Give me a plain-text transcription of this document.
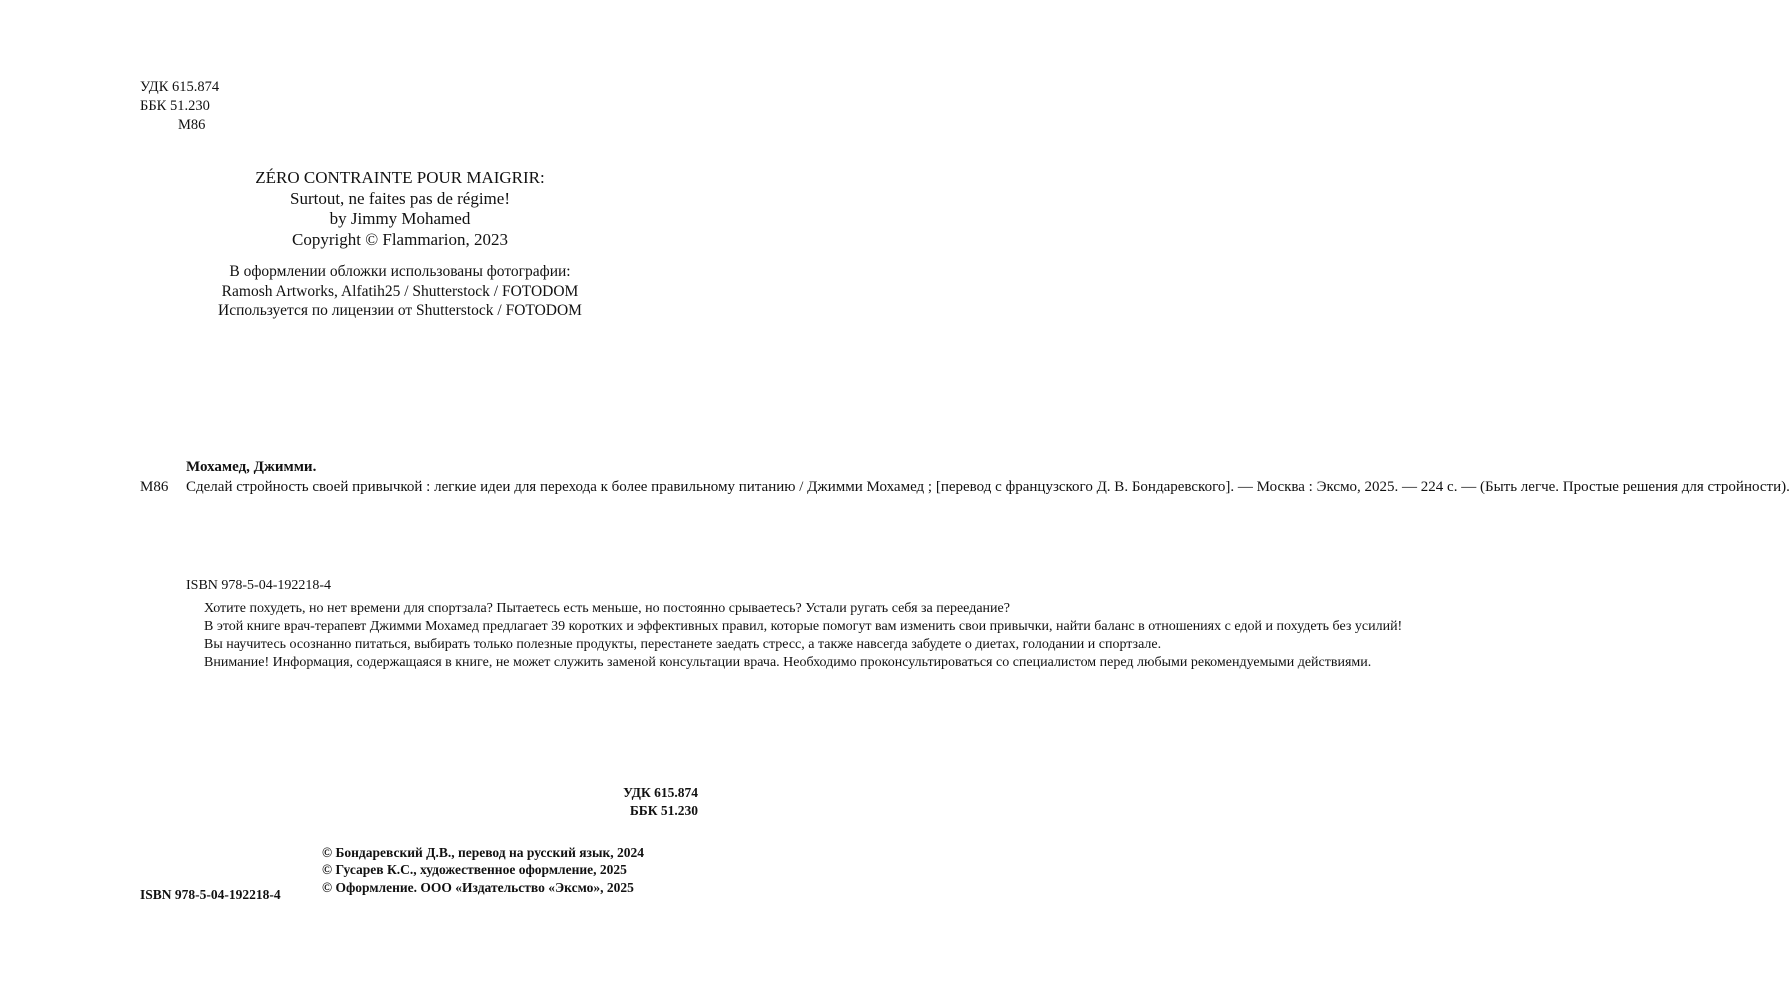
УДК 615.874
ББК 51.230
М86
ZÉRO CONTRAINTE POUR MAIGRIR:
Surtout, ne faites pas de régime!
by Jimmy Mohamed
Copyright © Flammarion, 2023
В оформлении обложки использованы фотографии:
Ramosh Artworks, Alfatih25 / Shutterstock / FOTODOM
Используется по лицензии от Shutterstock / FOTODOM
Мохамед, Джимми.
М86	Сделай стройность своей привычкой : легкие идеи для перехода к более правильному питанию / Джимми Мохамед ; [перевод с французского Д. В. Бондаревского]. — Москва : Эксмо, 2025. — 224 с. — (Быть легче. Простые решения для стройности).
ISBN 978-5-04-192218-4

Хотите похудеть, но нет времени для спортзала? Пытаетесь есть меньше, но постоянно срываетесь? Устали ругать себя за переедание?

В этой книге врач-терапевт Джимми Мохамед предлагает 39 коротких и эффективных правил, которые помогут вам изменить свои привычки, найти баланс в отношениях с едой и похудеть без усилий!

Вы научитесь осознанно питаться, выбирать только полезные продукты, перестанете заедать стресс, а также навсегда забудете о диетах, голодании и спортзале.

Внимание! Информация, содержащаяся в книге, не может служить заменой консультации врача. Необходимо проконсультироваться со специалистом перед любыми рекомендуемыми действиями.

УДК 615.874
ББК 51.230
© Бондаревский Д.В., перевод на русский язык, 2024
© Гусарев К.С., художественное оформление, 2025
© Оформление. ООО «Издательство «Эксмо», 2025
ISBN 978-5-04-192218-4
